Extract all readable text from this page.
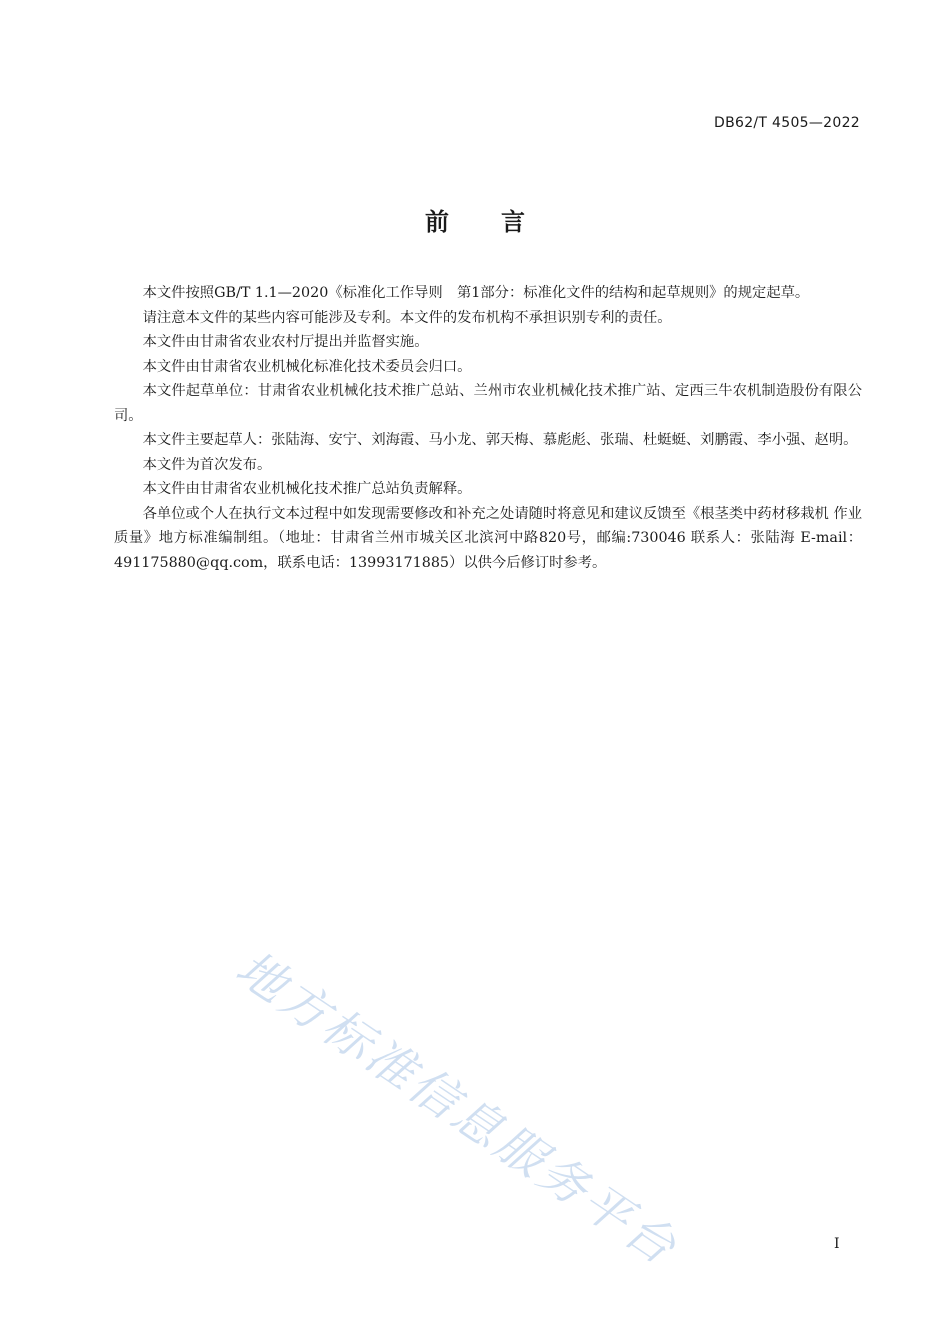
DB62/T 4505—2022
前言

本文件按照GB/T 1.1—2020《标准化工作导则　第1部分：标准化文件的结构和起草规则》的规定起草。

请注意本文件的某些内容可能涉及专利。本文件的发布机构不承担识别专利的责任。

本文件由甘肃省农业农村厅提出并监督实施。

本文件由甘肃省农业机械化标准化技术委员会归口。

本文件起草单位：甘肃省农业机械化技术推广总站、兰州市农业机械化技术推广站、定西三牛农机制造股份有限公司。

本文件主要起草人：张陆海、安宁、刘海霞、马小龙、郭天梅、慕彪彪、张瑞、杜蜓蜓、刘鹏霞、李小强、赵明。

本文件为首次发布。

本文件由甘肃省农业机械化技术推广总站负责解释。

各单位或个人在执行文本过程中如发现需要修改和补充之处请随时将意见和建议反馈至《根茎类中药材移栽机 作业质量》地方标准编制组。（地址：甘肃省兰州市城关区北滨河中路820号，邮编:730046 联系人：张陆海 E-mail：491175880@qq.com，联系电话：13993171885）以供今后修订时参考。

地方标准信息服务平台	I
